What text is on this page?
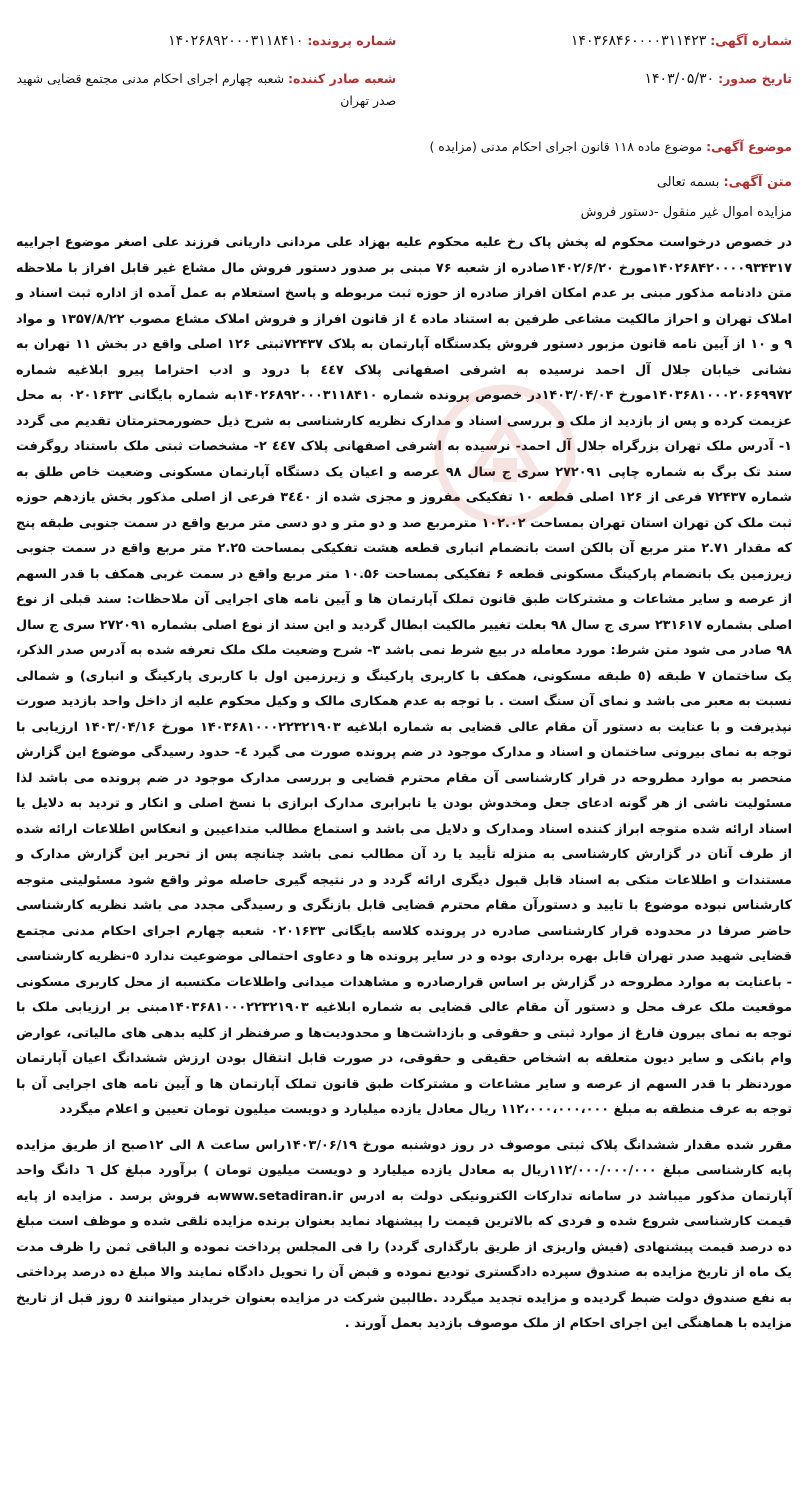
شماره آگهی: ۱۴۰۳۶۸۴۶۰۰۰۰۳۱۱۴۲۳
تاریخ صدور: ۱۴۰۳/۰۵/۳۰
شماره پرونده: ۱۴۰۲۶۸۹۲۰۰۰۳۱۱۸۴۱۰
شعبه صادر کننده: شعبه چهارم اجرای احکام مدنی مجتمع قضایی شهید صدر تهران
موضوع آگهی: موضوع ماده ۱۱۸ قانون اجرای احکام مدنی (مزایده )
متن آگهی: بسمه تعالی
مزایده اموال غیر منقول -دستور فروش
در خصوص درخواست محکوم له پخش پاک رخ علیه محکوم علیه بهزاد علی مردانی داریانی فرزند علی اصغر موضوع اجراییه ۱۴۰۲۶۸۴۲۰۰۰۰۹۳۴۳۱۷مورخ ۱۴۰۲/۶/۲۰صادره از شعبه ۷۶ مبنی بر صدور دستور فروش مال مشاع غیر قابل افراز با ملاحظه متن دادنامه مذکور مبنی بر عدم امکان افراز صادره از حوزه ثبت مربوطه و پاسخ استعلام به عمل آمده از اداره ثبت اسناد و املاک تهران و احراز مالکیت مشاعی طرفین به استناد ماده ٤ از قانون افراز و فروش املاک مشاع مصوب ۱۳۵۷/۸/۲۲ و مواد ۹ و ۱۰ از آیین نامه قانون مزبور دستور فروش یکدستگاه آپارتمان به پلاک ۷۲۴۳۷ثبتی ۱۲۶ اصلی واقع در بخش ۱۱ تهران به نشانی خیابان جلال آل احمد نرسیده به اشرفی اصفهانی پلاک ٤٤٧ با درود و ادب احتراما پیرو ابلاغیه شماره ۱۴۰۳۶۸۱۰۰۰۲۰۶۶۹۹۷۲مورخ ۱۴۰۳/۰۴/۰۴در خصوص پرونده شماره ۱۴۰۲۶۸۹۲۰۰۰۳۱۱۸۴۱۰به شماره بایگانی ۰۲۰۱۶۳۳ به محل عزیمت کرده و پس از بازدید از ملک و بررسی اسناد و مدارک نظریه کارشناسی به شرح ذیل حضورمحترمتان تقدیم می گردد ۱- آدرس ملک تهران بزرگراه جلال آل احمد- نرسیده به اشرفی اصفهانی پلاک ٤٤٧ ۲- مشخصات ثبتی ملک باستناد روگرفت سند تک برگ به شماره چاپی ۲۷۲۰۹۱ سری ج سال ۹۸ عرصه و اعیان یک دستگاه آپارتمان مسکونی وضعیت خاص طلق به شماره ۷۲۴۳۷ فرعی از ۱۲۶ اصلی قطعه ۱۰ تفکیکی مفروز و مجزی شده از ۳٤٤۰ فرعی از اصلی مذکور بخش یازدهم حوزه ثبت ملک کن تهران استان تهران بمساحت ۱۰۲.۰۲ مترمربع صد و دو متر و دو دسی متر مربع واقع در سمت جنوبی طبقه پنج که مقدار ۲.۷۱ متر مربع آن بالکن است بانضمام انباری قطعه هشت تفکیکی بمساحت ۲.۲۵ متر مربع واقع در سمت جنوبی زیرزمین یک بانضمام پارکینگ مسکونی قطعه ۶ تفکیکی بمساحت ۱۰.۵۶ متر مربع واقع در سمت غربی همکف با قدر السهم از عرصه و سایر مشاعات و مشترکات طبق قانون تملک آپارتمان ها و آیین نامه های اجرایی آن ملاحظات: سند قبلی از نوع اصلی بشماره ۲۳۱۶۱۷ سری ج سال ۹۸ بعلت تغییر مالکیت ابطال گردید و این سند از نوع اصلی بشماره ۲۷۲۰۹۱ سری ج سال ۹۸ صادر می شود متن شرط: مورد معامله در بیع شرط نمی باشد ۳- شرح وضعیت ملک ملک تعرفه شده به آدرس صدر الذکر، یک ساختمان ۷ طبقه (٥ طبقه مسکونی، همکف با کاربری پارکینگ و زیرزمین اول با کاربری پارکینگ و انباری) و شمالی نسبت به معبر می باشد و نمای آن سنگ است . با توجه به عدم همکاری مالک و وکیل محکوم علیه از داخل واحد بازدید صورت نپذیرفت و با عنایت به دستور آن مقام عالی قضایی به شماره ابلاغیه ۱۴۰۳۶۸۱۰۰۰۲۲۳۲۱۹۰۳ مورخ ۱۴۰۳/۰۴/۱۶ ارزیابی با توجه به نمای بیرونی ساختمان و اسناد و مدارک موجود در ضم پرونده صورت می گیرد ٤- حدود رسیدگی موضوع این گزارش منحصر به موارد مطروحه در قرار کارشناسی آن مقام محترم قضایی و بررسی مدارک موجود در ضم پرونده می باشد لذا مسئولیت ناشی از هر گونه ادعای جعل ومخدوش بودن یا نابرابری مدارک ابرازی با نسخ اصلی و انکار و تردید به دلایل یا اسناد ارائه شده متوجه ابراز کننده اسناد ومدارک و دلایل می باشد و استماع مطالب متداعیین و انعکاس اطلاعات ارائه شده از طرف آنان در گزارش کارشناسی به منزله تأیید یا رد آن مطالب نمی باشد چنانچه پس از تحریر این گزارش مدارک و مستندات و اطلاعات متکی به اسناد قابل قبول دیگری ارائه گردد و در نتیجه گیری حاصله موثر واقع شود مسئولیتی متوجه کارشناس نبوده موضوع با تایید و دستورآن مقام محترم قضایی قابل بازنگری و رسیدگی مجدد می باشد نظریه کارشناسی حاضر صرفا در محدوده قرار کارشناسی صادره در پرونده کلاسه بایگانی ۰۲۰۱۶۳۳ شعبه چهارم اجرای احکام مدنی مجتمع قضایی شهید صدر تهران قابل بهره برداری بوده و در سایر پرونده ها و دعاوی احتمالی موضوعیت ندارد ٥-نظریه کارشناسی - باعنایت به موارد مطروحه در گزارش بر اساس قرارصادره و مشاهدات میدانی واطلاعات مکتسبه از محل کاربری مسکونی موقعیت ملک عرف محل و دستور آن مقام عالی قضایی به شماره ابلاغیه ۱۴۰۳۶۸۱۰۰۰۲۲۳۲۱۹۰۳مبنی بر ارزیابی ملک با توجه به نمای بیرون فارغ از موارد ثبتی و حقوقی و بازداشت‌ها و محدودیت‌ها و صرفنظر از کلیه بدهی های مالیاتی، عوارض وام بانکی و سایر دیون متعلقه به اشخاص حقیقی و حقوقی، در صورت قابل انتقال بودن ارزش ششدانگ اعیان آپارتمان موردنظر با قدر السهم از عرصه و سایر مشاعات و مشترکات طبق قانون تملک آپارتمان ها و آیین نامه های اجرایی آن با توجه به عرف منطقه به مبلغ ۱۱۲،۰۰۰،۰۰۰،۰۰۰ ریال معادل یازده میلیارد و دویست میلیون تومان تعیین و اعلام میگردد
مقرر شده مقدار ششدانگ پلاک ثبتی موصوف در روز دوشنبه مورخ ۱۴۰۳/۰۶/۱۹راس ساعت ۸ الی ۱۲صبح از طریق مزایده پایه کارشناسی مبلغ ۱۱۲/۰۰۰/۰۰۰/۰۰۰ریال به معادل یازده میلیارد و دویست میلیون تومان ) برآورد مبلغ کل ٦ دانگ واحد آپارتمان مذکور میباشد در سامانه تدارکات الکترونیکی دولت به ادرس www.setadiran.irبه فروش برسد . مزایده از پایه قیمت کارشناسی شروع شده و فردی که بالاترین قیمت را پیشنهاد نماید بعنوان برنده مزایده تلقی شده و موظف است مبلغ ده درصد قیمت پیشنهادی (فیش واریزی از طریق بارگذاری گردد) را فی المجلس پرداخت نموده و الباقی ثمن را ظرف مدت یک ماه از تاریخ مزایده به صندوق سپرده دادگستری تودیع نموده و قبض آن را تحویل دادگاه نمایند والا مبلغ ده درصد پرداختی به نفع صندوق دولت ضبط گردیده و مزایده تجدید میگردد .طالبین شرکت در مزایده بعنوان خریدار میتوانند ٥ روز قبل از تاریخ مزایده با هماهنگی این اجرای احکام از ملک موصوف بازدید بعمل آورند .
